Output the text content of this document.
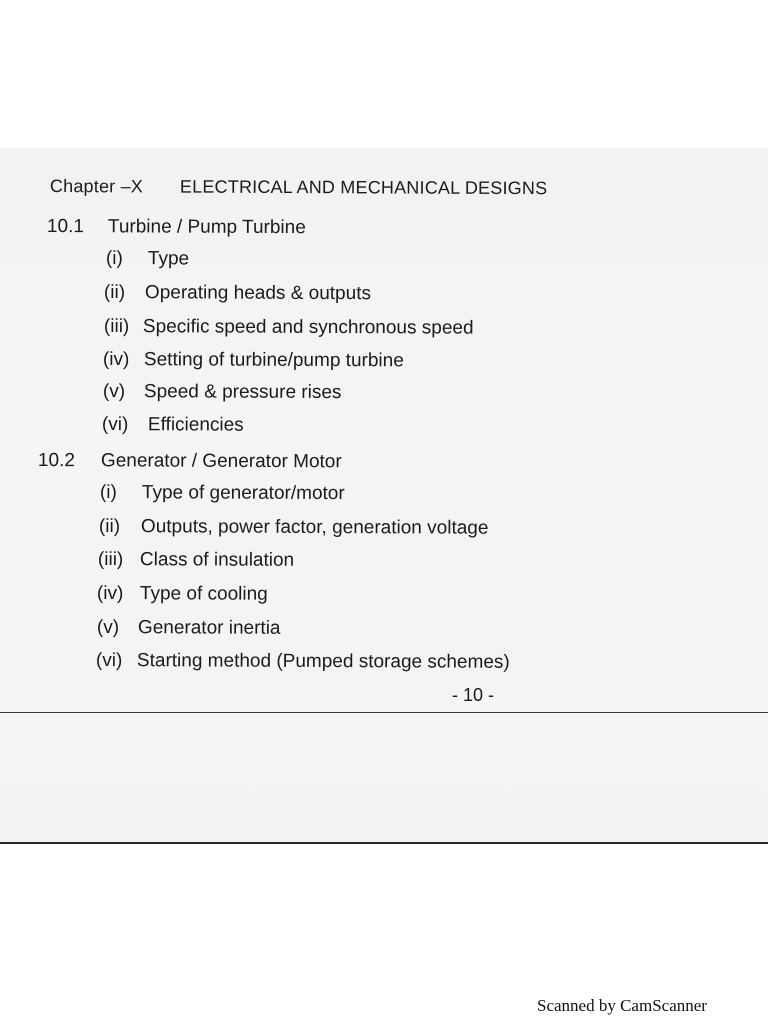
Chapter –X ELECTRICAL AND MECHANICAL DESIGNS
10.1 Turbine / Pump Turbine
(i) Type
(ii) Operating heads & outputs
(iii) Specific speed and synchronous speed
(iv) Setting of turbine/pump turbine
(v) Speed & pressure rises
(vi) Efficiencies
10.2 Generator / Generator Motor
(i) Type of generator/motor
(ii) Outputs, power factor, generation voltage
(iii) Class of insulation
(iv) Type of cooling
(v) Generator inertia
(vi) Starting method (Pumped storage schemes)
- 10 -
Scanned by CamScanner
